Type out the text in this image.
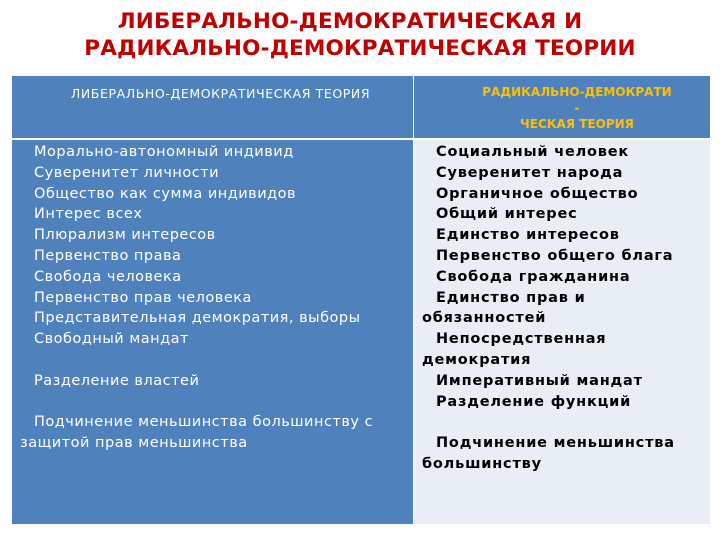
ЛИБЕРАЛЬНО-ДЕМОКРАТИЧЕСКАЯ И
РАДИКАЛЬНО-ДЕМОКРАТИЧЕСКАЯ ТЕОРИИ
ЛИБЕРАЛЬНО-ДЕМОКРАТИЧЕСКАЯ ТЕОРИЯ	РАДИКАЛЬНО-ДЕМОКРАТИ
-
ЧЕСКАЯ ТЕОРИЯ
Морально-автономный индивид
Суверенитет личности
Общество как сумма индивидов
Интерес всех
Плюрализм интересов
Первенство права
Свобода человека
Первенство прав человека
Представительная демократия, выборы
Свободный мандат
Разделение властей
Подчинение меньшинства большинству с защитой прав меньшинства
Социальный человек
Суверенитет народа
Органичное общество
Общий интерес
Единство интересов
Первенство общего блага
Свобода гражданина
Единство прав и обязанностей
Непосредственная демократия
Императивный мандат
Разделение функций
Подчинение меньшинства большинству
